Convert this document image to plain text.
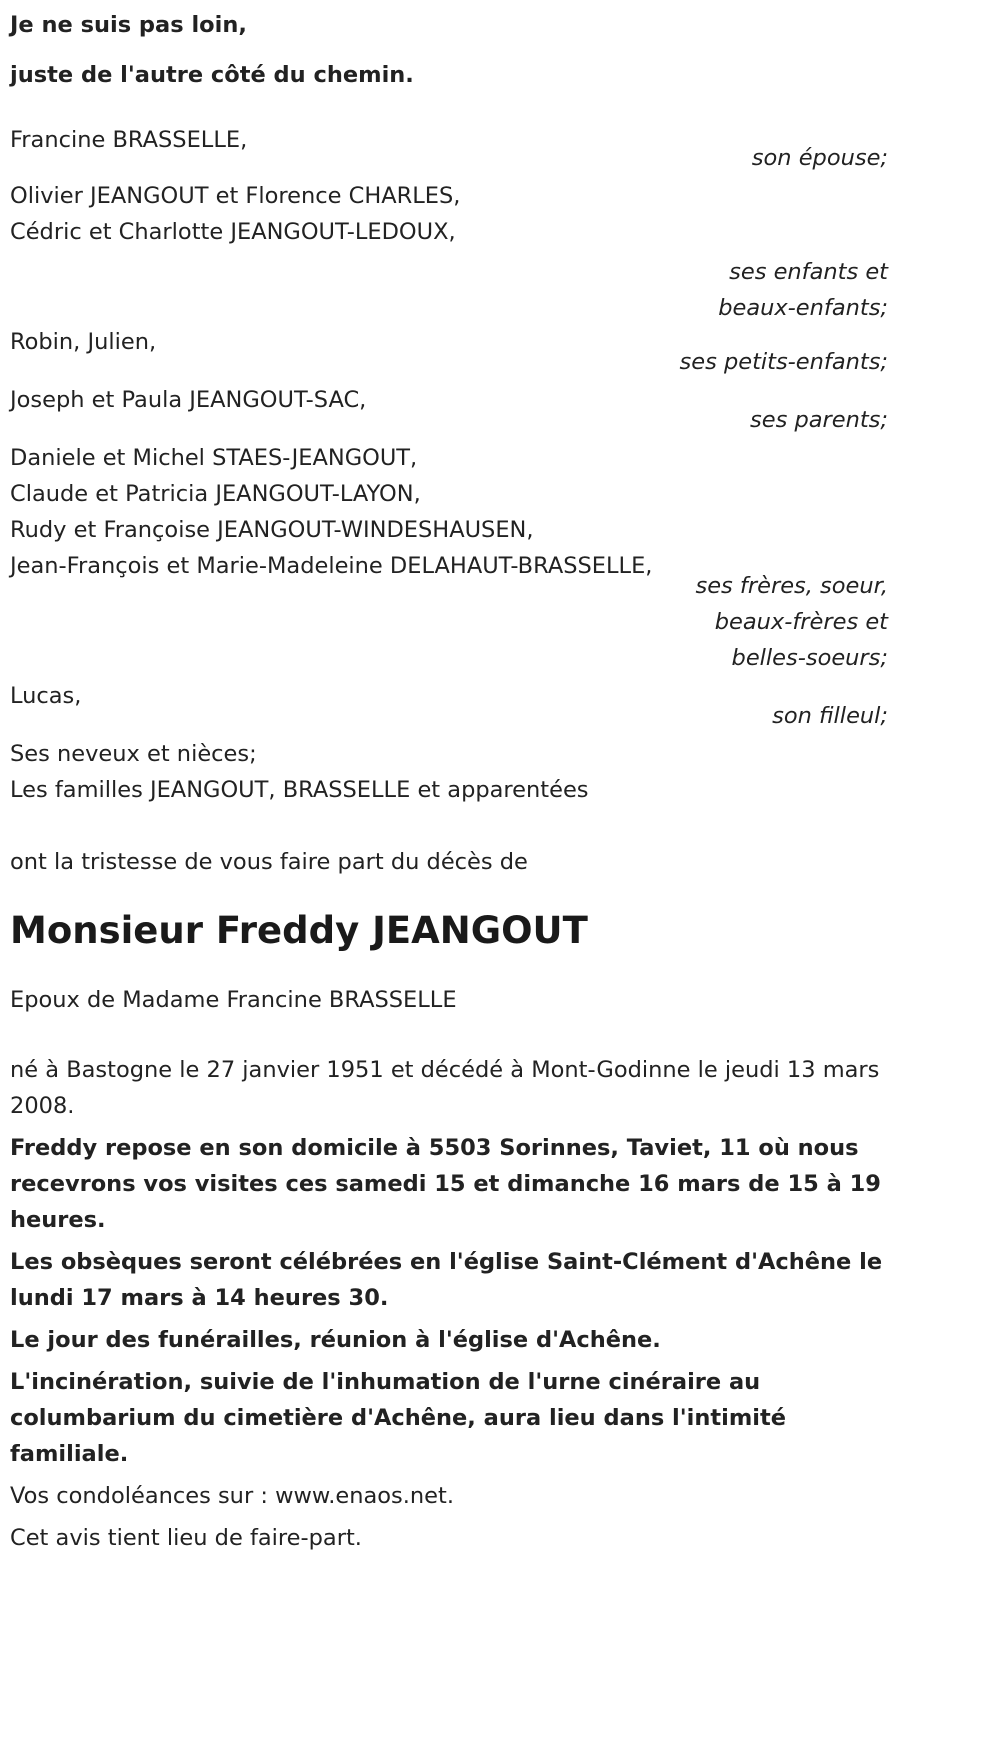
Je ne suis pas loin,
juste de l'autre côté du chemin.
Francine BRASSELLE,
son épouse;
Olivier JEANGOUT et Florence CHARLES,
Cédric et Charlotte JEANGOUT-LEDOUX,
ses enfants et
beaux-enfants;
Robin, Julien,
ses petits-enfants;
Joseph et Paula JEANGOUT-SAC,
ses parents;
Daniele et Michel STAES-JEANGOUT,
Claude et Patricia JEANGOUT-LAYON,
Rudy et Françoise JEANGOUT-WINDESHAUSEN,
Jean-François et Marie-Madeleine DELAHAUT-BRASSELLE,
ses frères, soeur,
beaux-frères et
belles-soeurs;
Lucas,
son filleul;
Ses neveux et nièces;
Les familles JEANGOUT, BRASSELLE et apparentées
ont la tristesse de vous faire part du décès de
Monsieur Freddy JEANGOUT
Epoux de Madame Francine BRASSELLE
né à Bastogne le 27 janvier 1951 et décédé à Mont-Godinne le jeudi 13 mars 2008.
Freddy repose en son domicile à 5503 Sorinnes, Taviet, 11 où nous recevrons vos visites ces samedi 15 et dimanche 16 mars de 15 à 19 heures.
Les obsèques seront célébrées en l'église Saint-Clément d'Achêne le lundi 17 mars à 14 heures 30.
Le jour des funérailles, réunion à l'église d'Achêne.
L'incinération, suivie de l'inhumation de l'urne cinéraire au columbarium du cimetière d'Achêne, aura lieu dans l'intimité familiale.
Vos condoléances sur : www.enaos.net.
Cet avis tient lieu de faire-part.
